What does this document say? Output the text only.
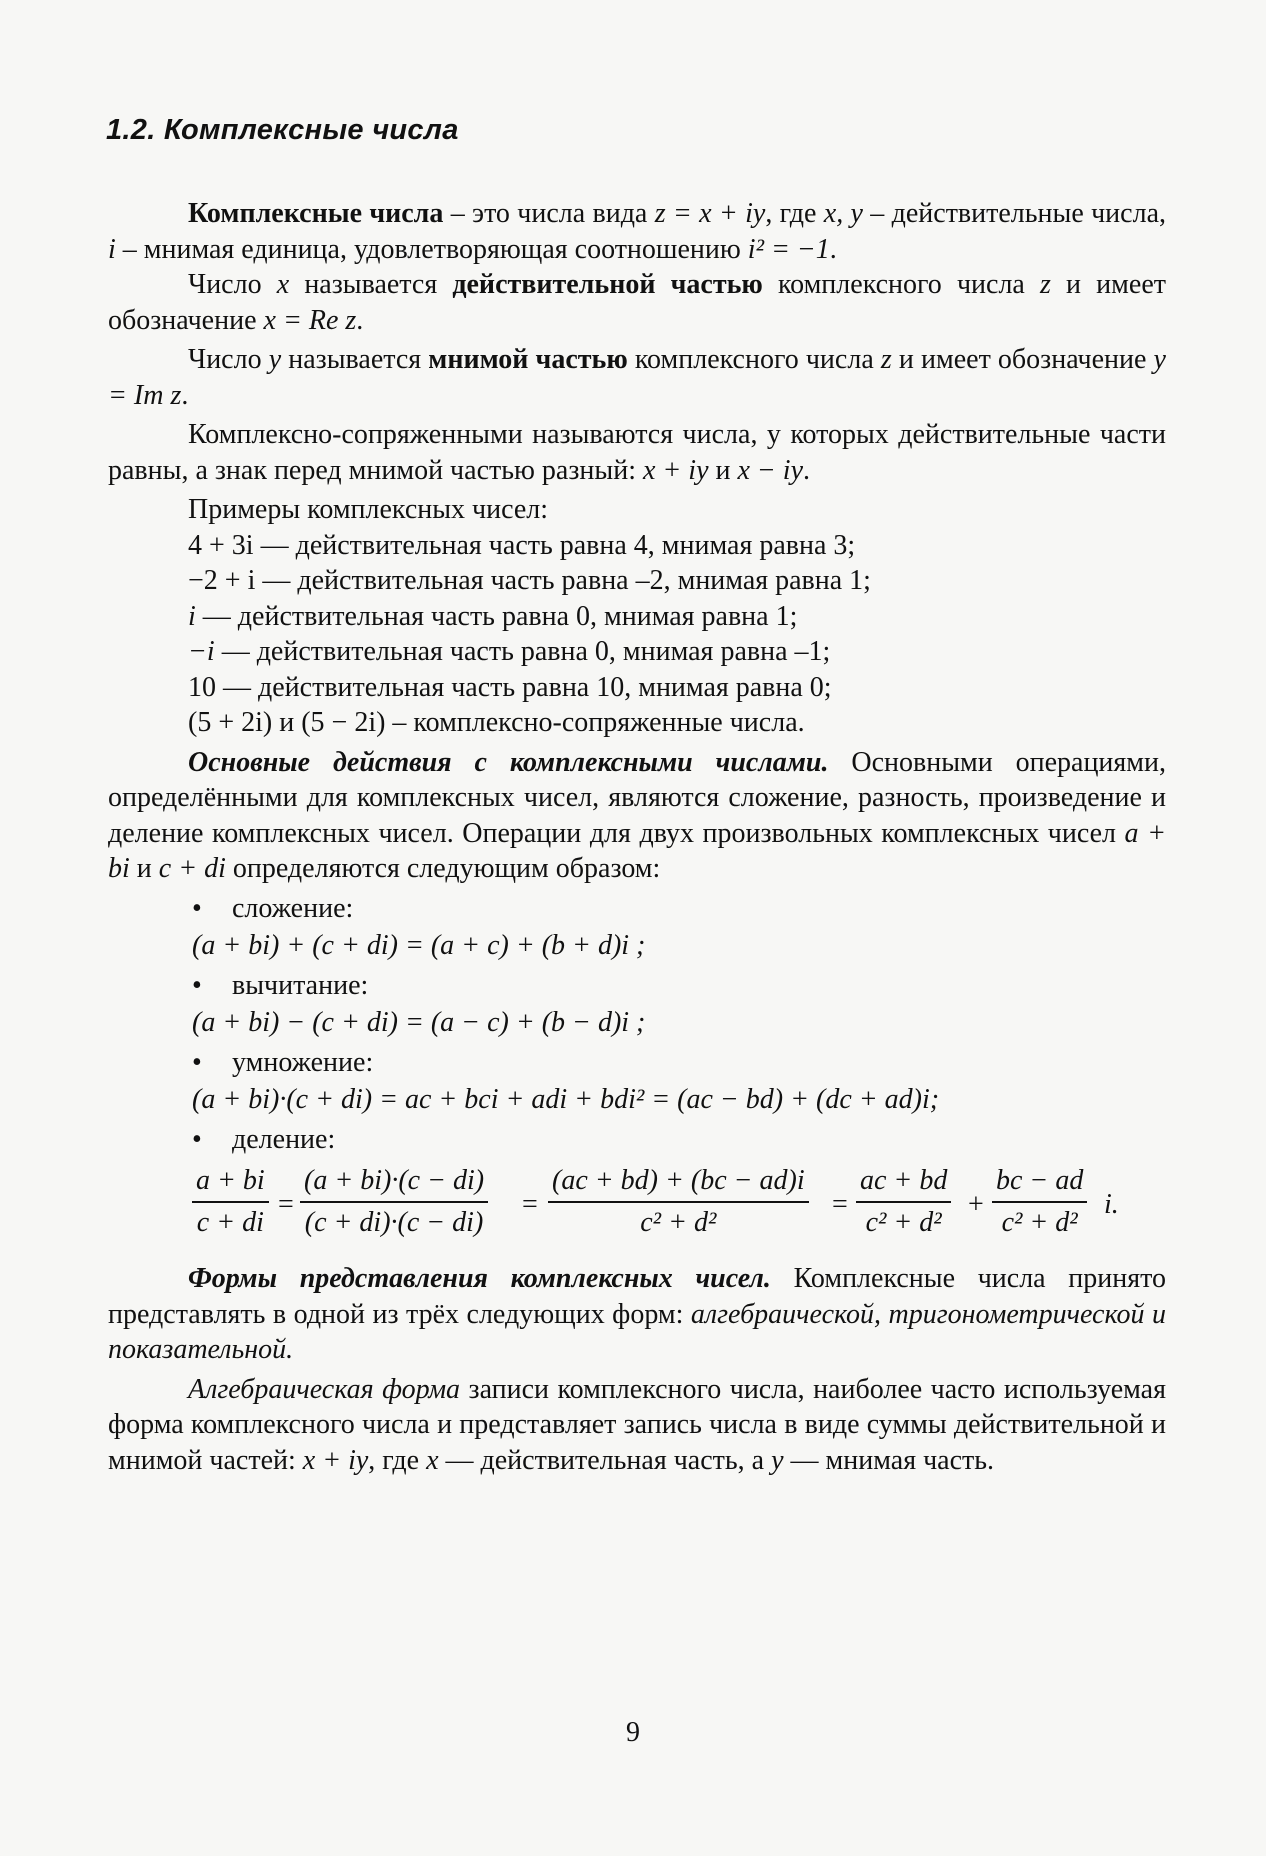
1.2. Комплексные числа

Комплексные числа – это числа вида z = x + iy, где x, y – действительные числа, i – мнимая единица, удовлетворяющая соотношению i² = −1.

Число x называется действительной частью комплексного числа z и имеет обозначение x = Re z.

Число y называется мнимой частью комплексного числа z и имеет обозначение y = Im z.

Комплексно-сопряженными называются числа, у которых действительные части равны, а знак перед мнимой частью разный: x + iy и x − iy.

Примеры комплексных чисел:

4 + 3i — действительная часть равна 4, мнимая равна 3;

−2 + i — действительная часть равна –2, мнимая равна 1;

i — действительная часть равна 0, мнимая равна 1;

−i — действительная часть равна 0, мнимая равна –1;

10 — действительная часть равна 10, мнимая равна 0;

(5 + 2i) и (5 − 2i) – комплексно-сопряженные числа.

Основные действия с комплексными числами. Основными операциями, определёнными для комплексных чисел, являются сложение, разность, произведение и деление комплексных чисел. Операции для двух произвольных комплексных чисел a + bi и c + di определяются следующим образом:

• сложение:
(a + bi) + (c + di) = (a + c) + (b + d)i ;
• вычитание:
(a + bi) − (c + di) = (a − c) + (b − d)i ;
• умножение:
(a + bi)·(c + di) = ac + bci + adi + bdi² = (ac − bd) + (dc + ad)i;
• деление:
$\frac{a + bi}{c + di} = \frac{(a + bi)\cdot(c - di)}{(c + di)\cdot(c - di)} = \frac{(ac + bd) + (bc - ad)i}{\text{c² + d²}} = \frac{ac + bd}{\text{c² + d²}} + \frac{bc - ad}{\text{c² + d²}} i$.

Формы представления комплексных чисел. Комплексные числа принято представлять в одной из трёх следующих форм: алгебраической, тригонометрической и показательной.

Алгебраическая форма записи комплексного числа, наиболее часто используемая форма комплексного числа и представляет запись числа в виде суммы действительной и мнимой частей: x + iy, где x — действительная часть, а y — мнимая часть.

9
